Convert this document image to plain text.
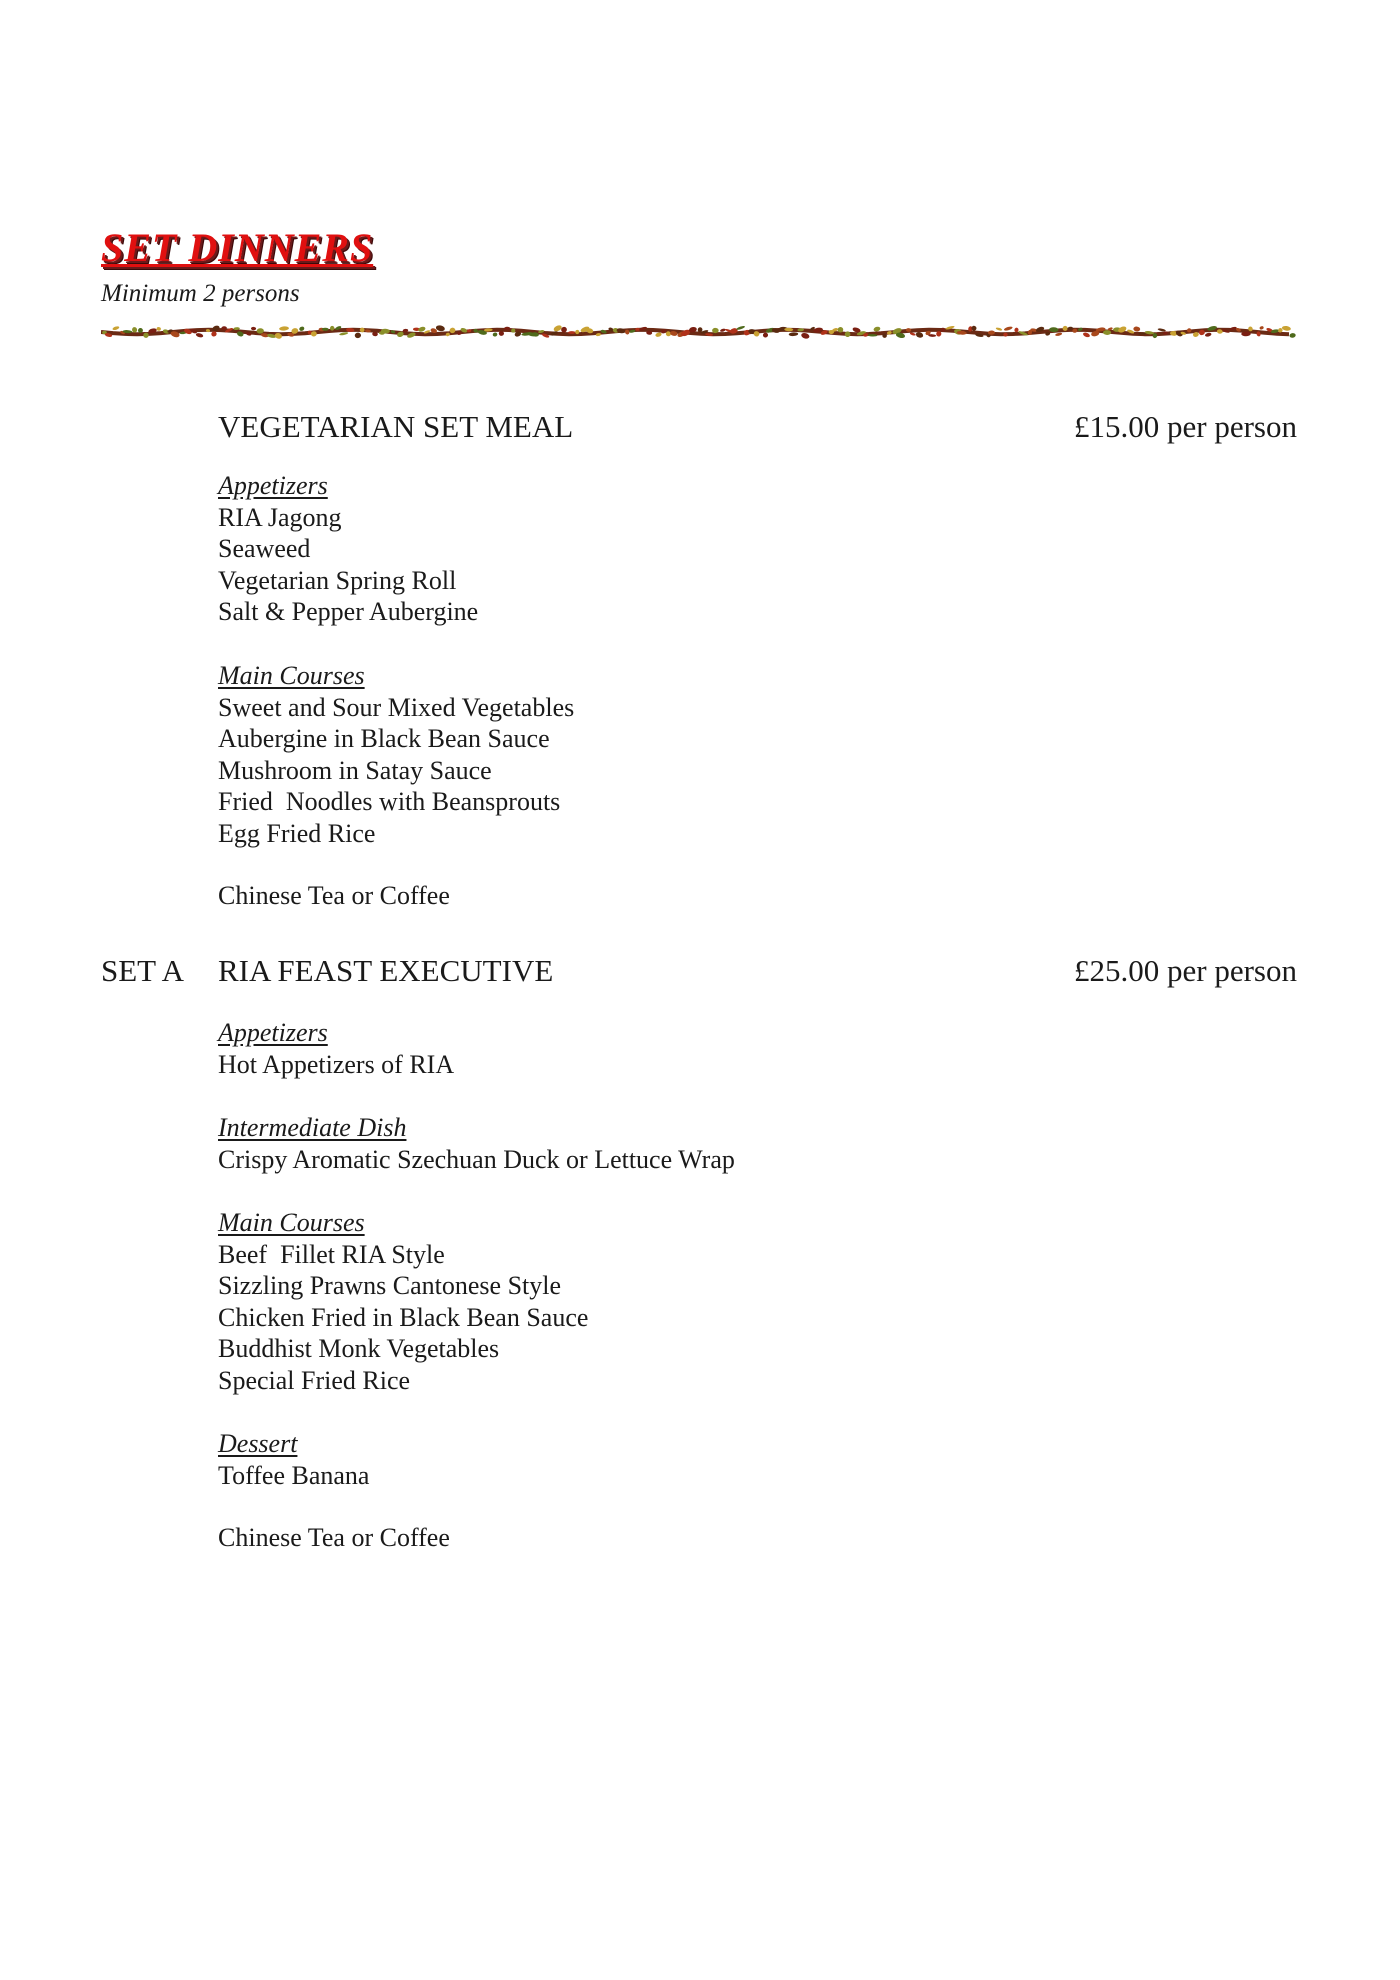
SET DINNERS
Minimum 2 persons
VEGETARIAN SET MEAL	£15.00 per person
Appetizers
RIA Jagong
Seaweed
Vegetarian Spring Roll
Salt & Pepper Aubergine
Main Courses
Sweet and Sour Mixed Vegetables
Aubergine in Black Bean Sauce
Mushroom in Satay Sauce
Fried  Noodles with Beansprouts
Egg Fried Rice
Chinese Tea or Coffee
SET A RIA FEAST EXECUTIVE	£25.00 per person
Appetizers
Hot Appetizers of RIA
Intermediate Dish
Crispy Aromatic Szechuan Duck or Lettuce Wrap
Main Courses
Beef  Fillet RIA Style
Sizzling Prawns Cantonese Style
Chicken Fried in Black Bean Sauce
Buddhist Monk Vegetables
Special Fried Rice
Dessert
Toffee Banana
Chinese Tea or Coffee
